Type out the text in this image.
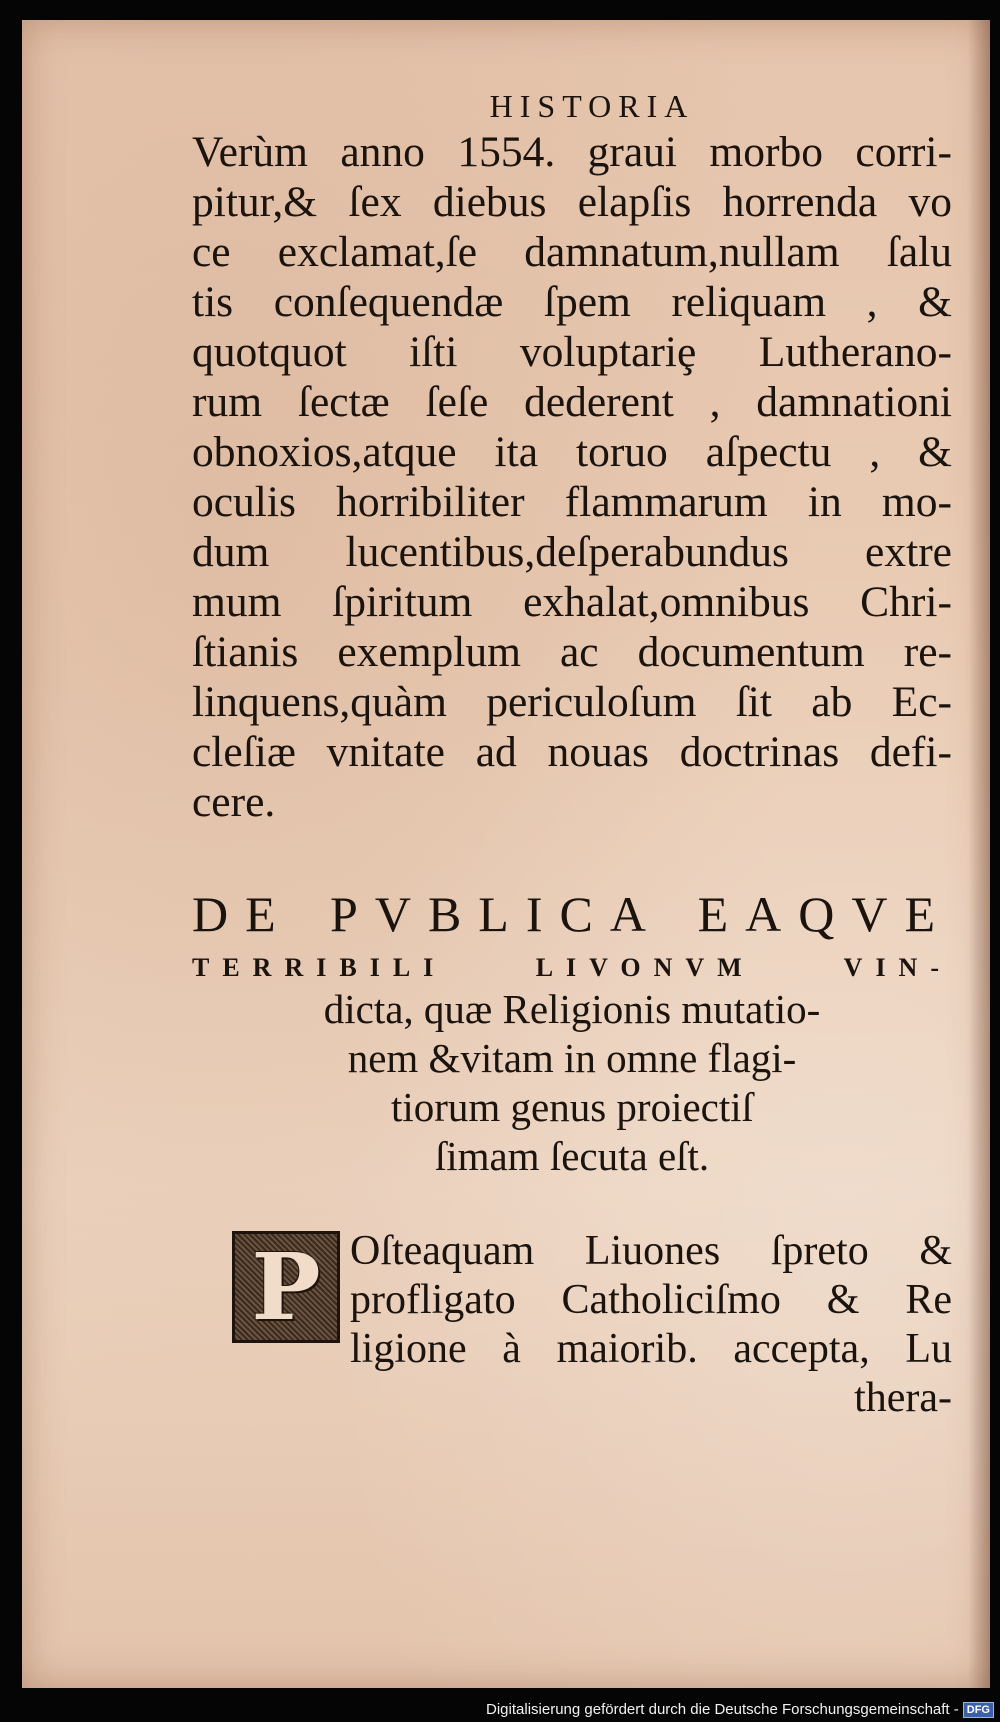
HISTORIA

Verùm anno 1554. graui morbo corri-

pitur,& ſex diebus elapſis horrenda vo

ce exclamat,ſe damnatum,nullam ſalu

tis conſequendæ ſpem reliquam , &

quotquot iſti voluptariȩ Lutherano-

rum ſectæ ſeſe dederent , damnationi

obnoxios,atque ita toruo aſpectu , &

oculis horribiliter flammarum in mo-

dum lucentibus,deſperabundus extre

mum ſpiritum exhalat,omnibus Chri-

ſtianis exemplum ac documentum re-

linquens,quàm periculoſum ſit ab Ec-

cleſiæ vnitate ad nouas doctrinas defi-

cere.

DE PVBLICA EAQVE

TERRIBILI LIVONVM VIN-

dicta, quæ Religionis mutatio-

nem &vitam in omne flagi-

tiorum genus proiectiſ

ſimam ſecuta eſt.

P Oſteaquam Liuones ſpreto &

profligato Catholiciſmo & Re

ligione à maiorib. accepta, Lu

thera-

Digitalisierung gefördert durch die Deutsche Forschungsgemeinschaft - DFG
